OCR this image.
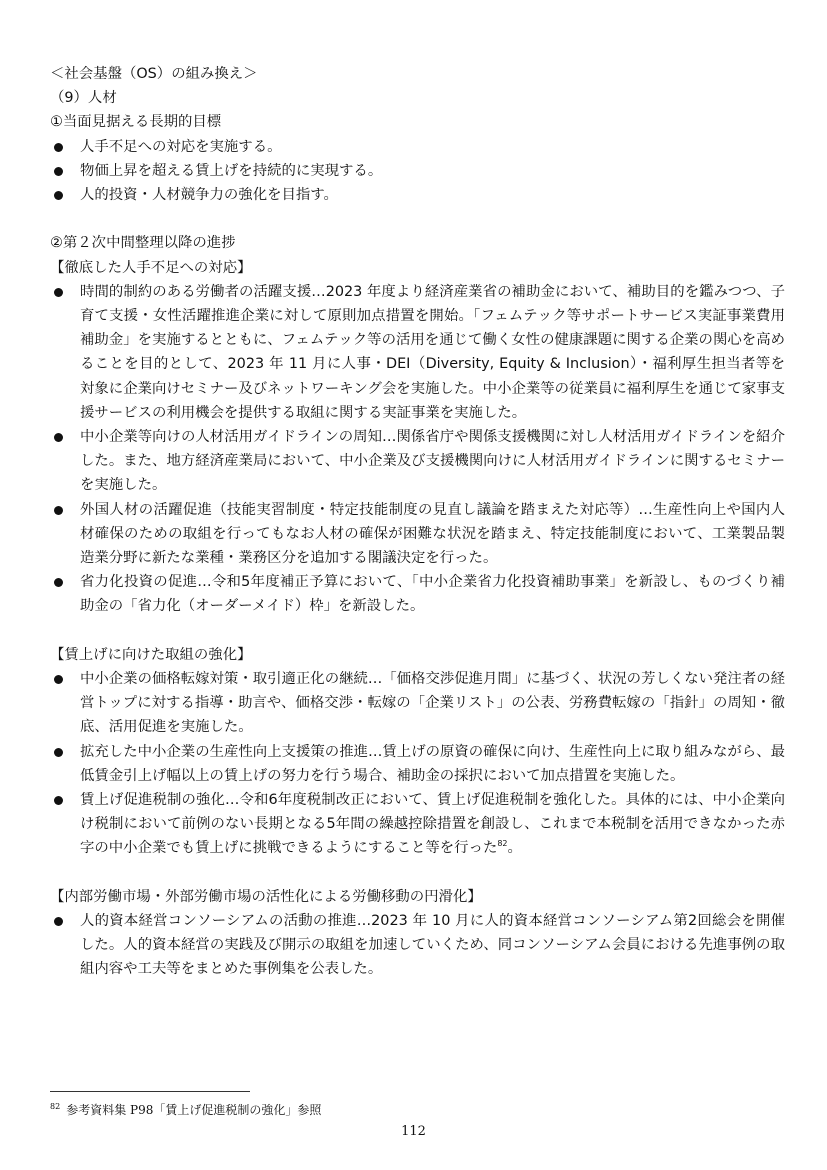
＜社会基盤（OS）の組み換え＞
（9）人材
①当面見据える長期的目標
人手不足への対応を実施する。
物価上昇を超える賃上げを持続的に実現する。
人的投資・人材競争力の強化を目指す。
②第２次中間整理以降の進捗
【徹底した人手不足への対応】
時間的制約のある労働者の活躍支援…2023 年度より経済産業省の補助金において、補助目的を鑑みつつ、子育て支援・女性活躍推進企業に対して原則加点措置を開始。「フェムテック等サポートサービス実証事業費用補助金」を実施するとともに、フェムテック等の活用を通じて働く女性の健康課題に関する企業の関心を高めることを目的として、2023 年 11 月に人事・DEI（Diversity, Equity & Inclusion）・福利厚生担当者等を対象に企業向けセミナー及びネットワーキング会を実施した。中小企業等の従業員に福利厚生を通じて家事支援サービスの利用機会を提供する取組に関する実証事業を実施した。
中小企業等向けの人材活用ガイドラインの周知…関係省庁や関係支援機関に対し人材活用ガイドラインを紹介した。また、地方経済産業局において、中小企業及び支援機関向けに人材活用ガイドラインに関するセミナーを実施した。
外国人材の活躍促進（技能実習制度・特定技能制度の見直し議論を踏まえた対応等）…生産性向上や国内人材確保のための取組を行ってもなお人材の確保が困難な状況を踏まえ、特定技能制度において、工業製品製造業分野に新たな業種・業務区分を追加する閣議決定を行った。
省力化投資の促進…令和5年度補正予算において、「中小企業省力化投資補助事業」を新設し、ものづくり補助金の「省力化（オーダーメイド）枠」を新設した。
【賃上げに向けた取組の強化】
中小企業の価格転嫁対策・取引適正化の継続…「価格交渉促進月間」に基づく、状況の芳しくない発注者の経営トップに対する指導・助言や、価格交渉・転嫁の「企業リスト」の公表、労務費転嫁の「指針」の周知・徹底、活用促進を実施した。
拡充した中小企業の生産性向上支援策の推進…賃上げの原資の確保に向け、生産性向上に取り組みながら、最低賃金引上げ幅以上の賃上げの努力を行う場合、補助金の採択において加点措置を実施した。
賃上げ促進税制の強化…令和6年度税制改正において、賃上げ促進税制を強化した。具体的には、中小企業向け税制において前例のない長期となる5年間の繰越控除措置を創設し、これまで本税制を活用できなかった赤字の中小企業でも賃上げに挑戦できるようにすること等を行った$^{82}$。
【内部労働市場・外部労働市場の活性化による労働移動の円滑化】
人的資本経営コンソーシアムの活動の推進…2023 年 10 月に人的資本経営コンソーシアム第2回総会を開催した。人的資本経営の実践及び開示の取組を加速していくため、同コンソーシアム会員における先進事例の取組内容や工夫等をまとめた事例集を公表した。
$^{82}$ 参考資料集 P98「賃上げ促進税制の強化」参照
112
